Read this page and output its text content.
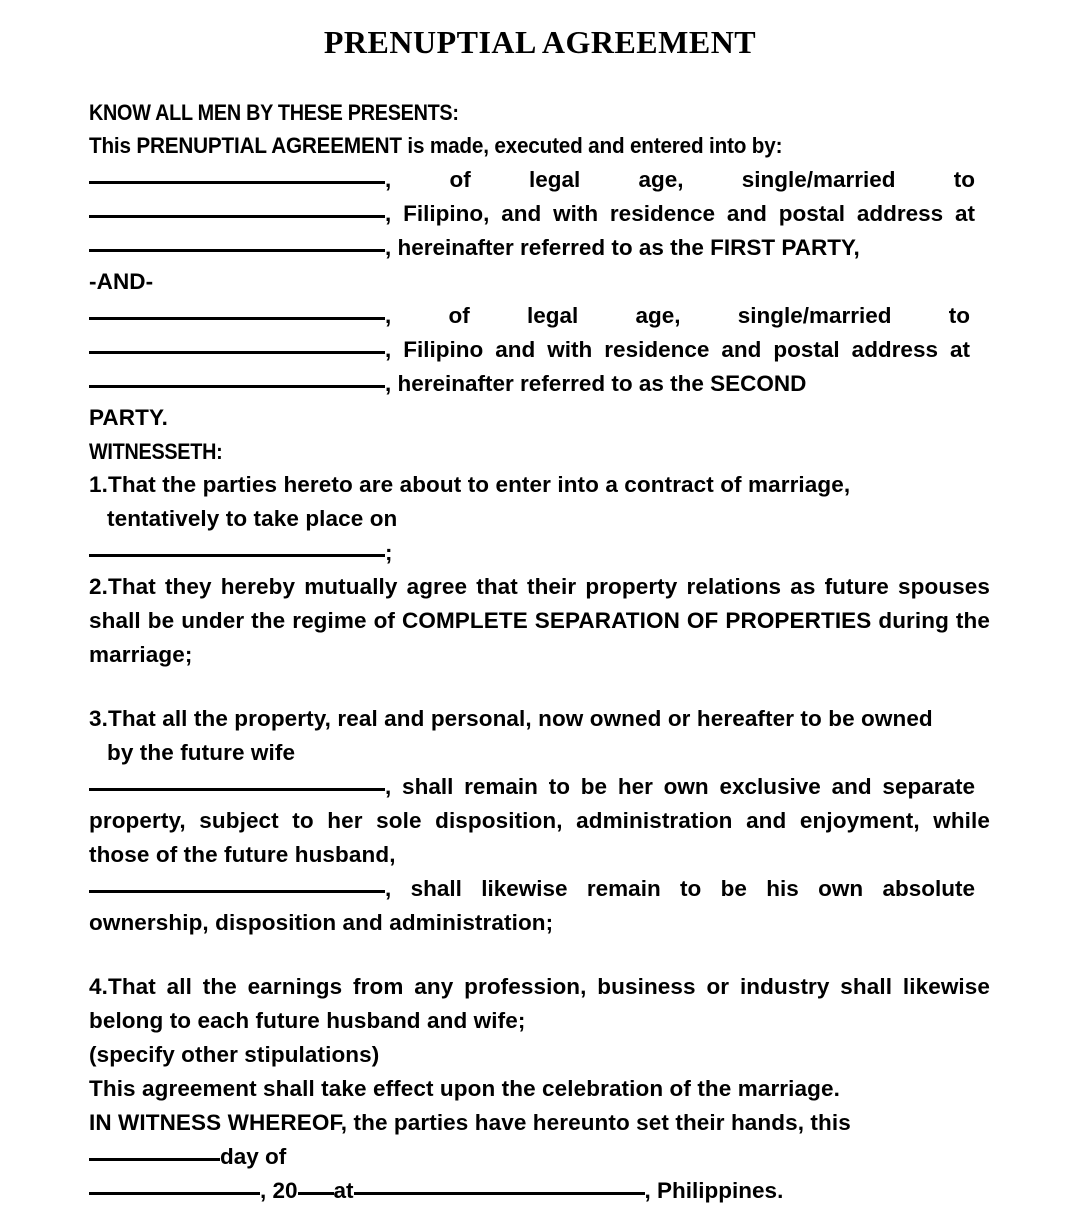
PRENUPTIAL AGREEMENT
KNOW ALL MEN BY THESE PRESENTS:
This PRENUPTIAL AGREEMENT is made, executed and entered into by:
, of legal age, single/married to
, Filipino, and with residence and postal address at
, hereinafter referred to as the FIRST PARTY,
-AND-
, of legal age, single/married to
, Filipino and with residence and postal address at
, hereinafter referred to as the SECOND
PARTY.
WITNESSETH:
1.That the parties hereto are about to enter into a contract of marriage,
tentatively to take place on
;
2.That they hereby mutually agree that their property relations as future spouses shall be under the regime of COMPLETE SEPARATION OF PROPERTIES during the marriage;
3.That all the property, real and personal, now owned or hereafter to be owned
by the future wife
, shall remain to be her own exclusive and separate
property, subject to her sole disposition, administration and enjoyment, while those of the future husband,
, shall likewise remain to be his own absolute
ownership, disposition and administration;
4.That all the earnings from any profession, business or industry shall likewise belong to each future husband and wife;
(specify other stipulations)
This agreement shall take effect upon the celebration of the marriage.
IN WITNESS WHEREOF, the parties have hereunto set their hands, this
day of
, 20 at	, Philippines.
